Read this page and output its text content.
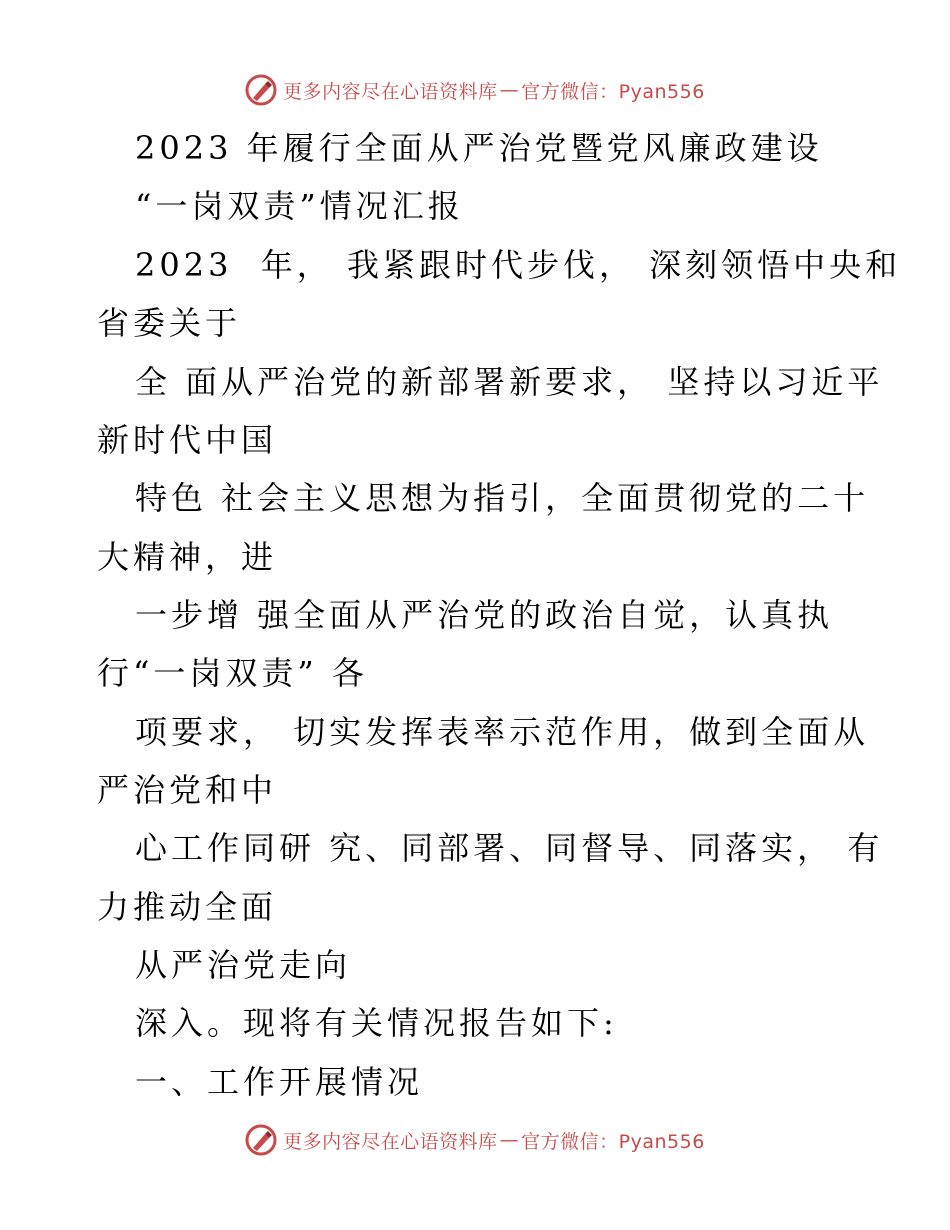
更多内容尽在心语资料库 — 官方微信：Pyan556
2023 年履行全面从严治党暨党风廉政建设
“一岗双责”情况汇报
2023  年， 我紧跟时代步伐， 深刻领悟中央和
省委关于
全 面从严治党的新部署新要求， 坚持以习近平
新时代中国
特色 社会主义思想为指引，全面贯彻党的二十
大精神，进
一步增 强全面从严治党的政治自觉，认真执
行“一岗双责” 各
项要求， 切实发挥表率示范作用，做到全面从
严治党和中
心工作同研 究、同部署、同督导、同落实， 有
力推动全面
从严治党走向
深入。现将有关情况报告如下:
一、工作开展情况
更多内容尽在心语资料库 — 官方微信：Pyan556
